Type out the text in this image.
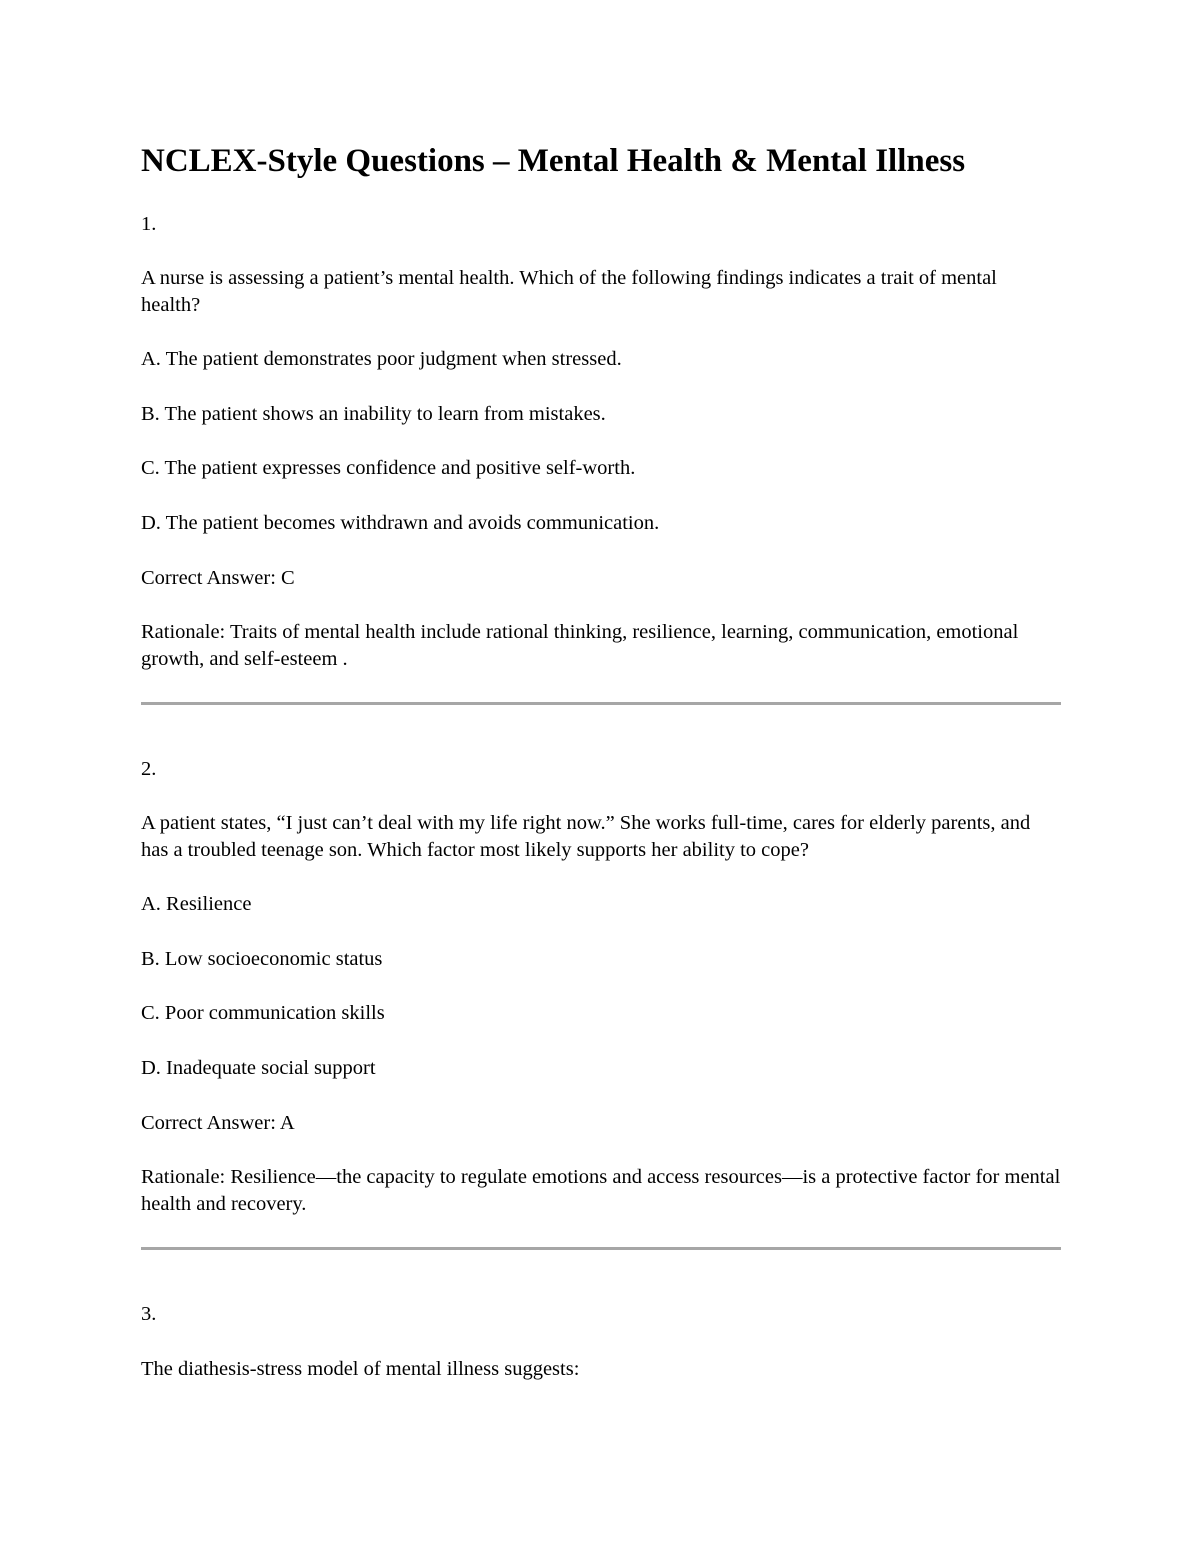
NCLEX-Style Questions – Mental Health & Mental Illness

1.

A nurse is assessing a patient’s mental health. Which of the following findings indicates a trait of mental health?

A. The patient demonstrates poor judgment when stressed.

B. The patient shows an inability to learn from mistakes.

C. The patient expresses confidence and positive self-worth.

D. The patient becomes withdrawn and avoids communication.

Correct Answer: C

Rationale: Traits of mental health include rational thinking, resilience, learning, communication, emotional growth, and self-esteem .

2.

A patient states, “I just can’t deal with my life right now.” She works full-time, cares for elderly parents, and has a troubled teenage son. Which factor most likely supports her ability to cope?

A. Resilience

B. Low socioeconomic status

C. Poor communication skills

D. Inadequate social support

Correct Answer: A

Rationale: Resilience—the capacity to regulate emotions and access resources—is a protective factor for mental health and recovery.

3.

The diathesis-stress model of mental illness suggests:
